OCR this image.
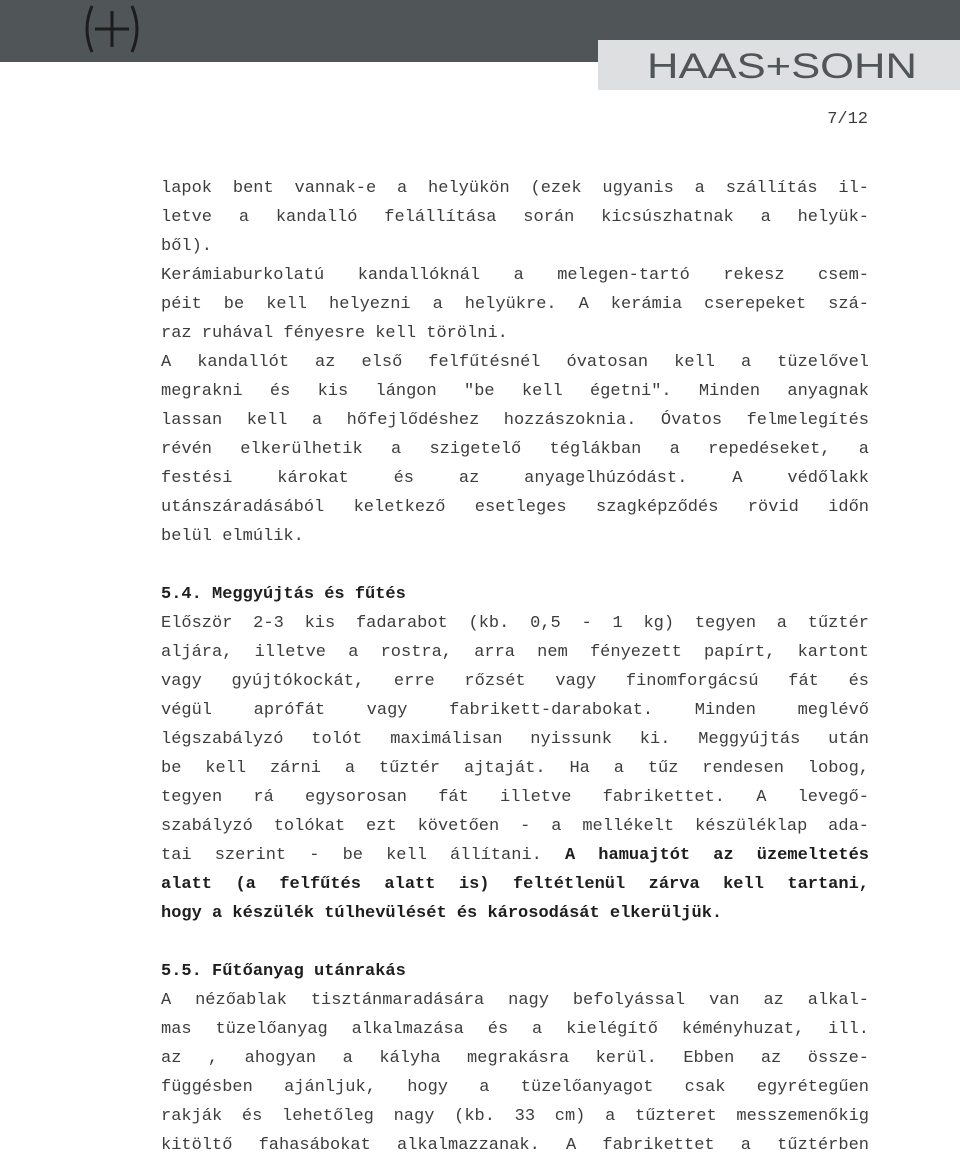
HAAS+SOHN
7/12
lapok bent vannak-e a helyükön (ezek ugyanis a szállítás il-
letve a kandalló felállítása során kicsúszhatnak a helyük-
ből).
Kerámiaburkolatú kandallóknál a melegen-tartó rekesz csem-
péit be kell helyezni a helyükre. A kerámia cserepeket szá-
raz ruhával fényesre kell törölni.
A kandallót az első felfűtésnél óvatosan kell a tüzelővel
megrakni és kis lángon "be kell égetni". Minden anyagnak
lassan kell a hőfejlődéshez hozzászoknia. Óvatos felmelegítés
révén elkerülhetik a szigetelő téglákban a repedéseket, a
festési károkat és az anyagelhúzódást. A védőlakk
utánszáradásából keletkező esetleges szagképződés rövid időn
belül elmúlik.
5.4. Meggyújtás és fűtés
Először 2-3 kis fadarabot (kb. 0,5 - 1 kg) tegyen a tűztér
aljára, illetve a rostra, arra nem fényezett papírt, kartont
vagy gyújtókockát, erre rőzsét vagy finomforgácsú fát és
végül aprófát vagy fabrikett-darabokat. Minden meglévő
légszabályzó tolót maximálisan nyissunk ki. Meggyújtás után
be kell zárni a tűztér ajtaját. Ha a tűz rendesen lobog,
tegyen rá egysorosan fát illetve fabrikettet. A levegő-
szabályzó tolókat ezt követően - a mellékelt készüléklap ada-
tai szerint - be kell állítani. A hamuajtót az üzemeltetés
alatt (a felfűtés alatt is) feltétlenül zárva kell tartani,
hogy a készülék túlhevülését és károsodását elkerüljük.
5.5. Fűtőanyag utánrakás
A nézőablak tisztánmaradására nagy befolyással van az alkal-
mas tüzelőanyag alkalmazása és a kielégítő kéményhuzat, ill.
az , ahogyan a kályha megrakásra kerül. Ebben az össze-
függésben ajánljuk, hogy a tüzelőanyagot csak egyrétegűen
rakják és lehetőleg nagy (kb. 33 cm) a tűzteret messzemenőkig
kitöltő fahasábokat alkalmazzanak. A fabrikettet a tűztérben
